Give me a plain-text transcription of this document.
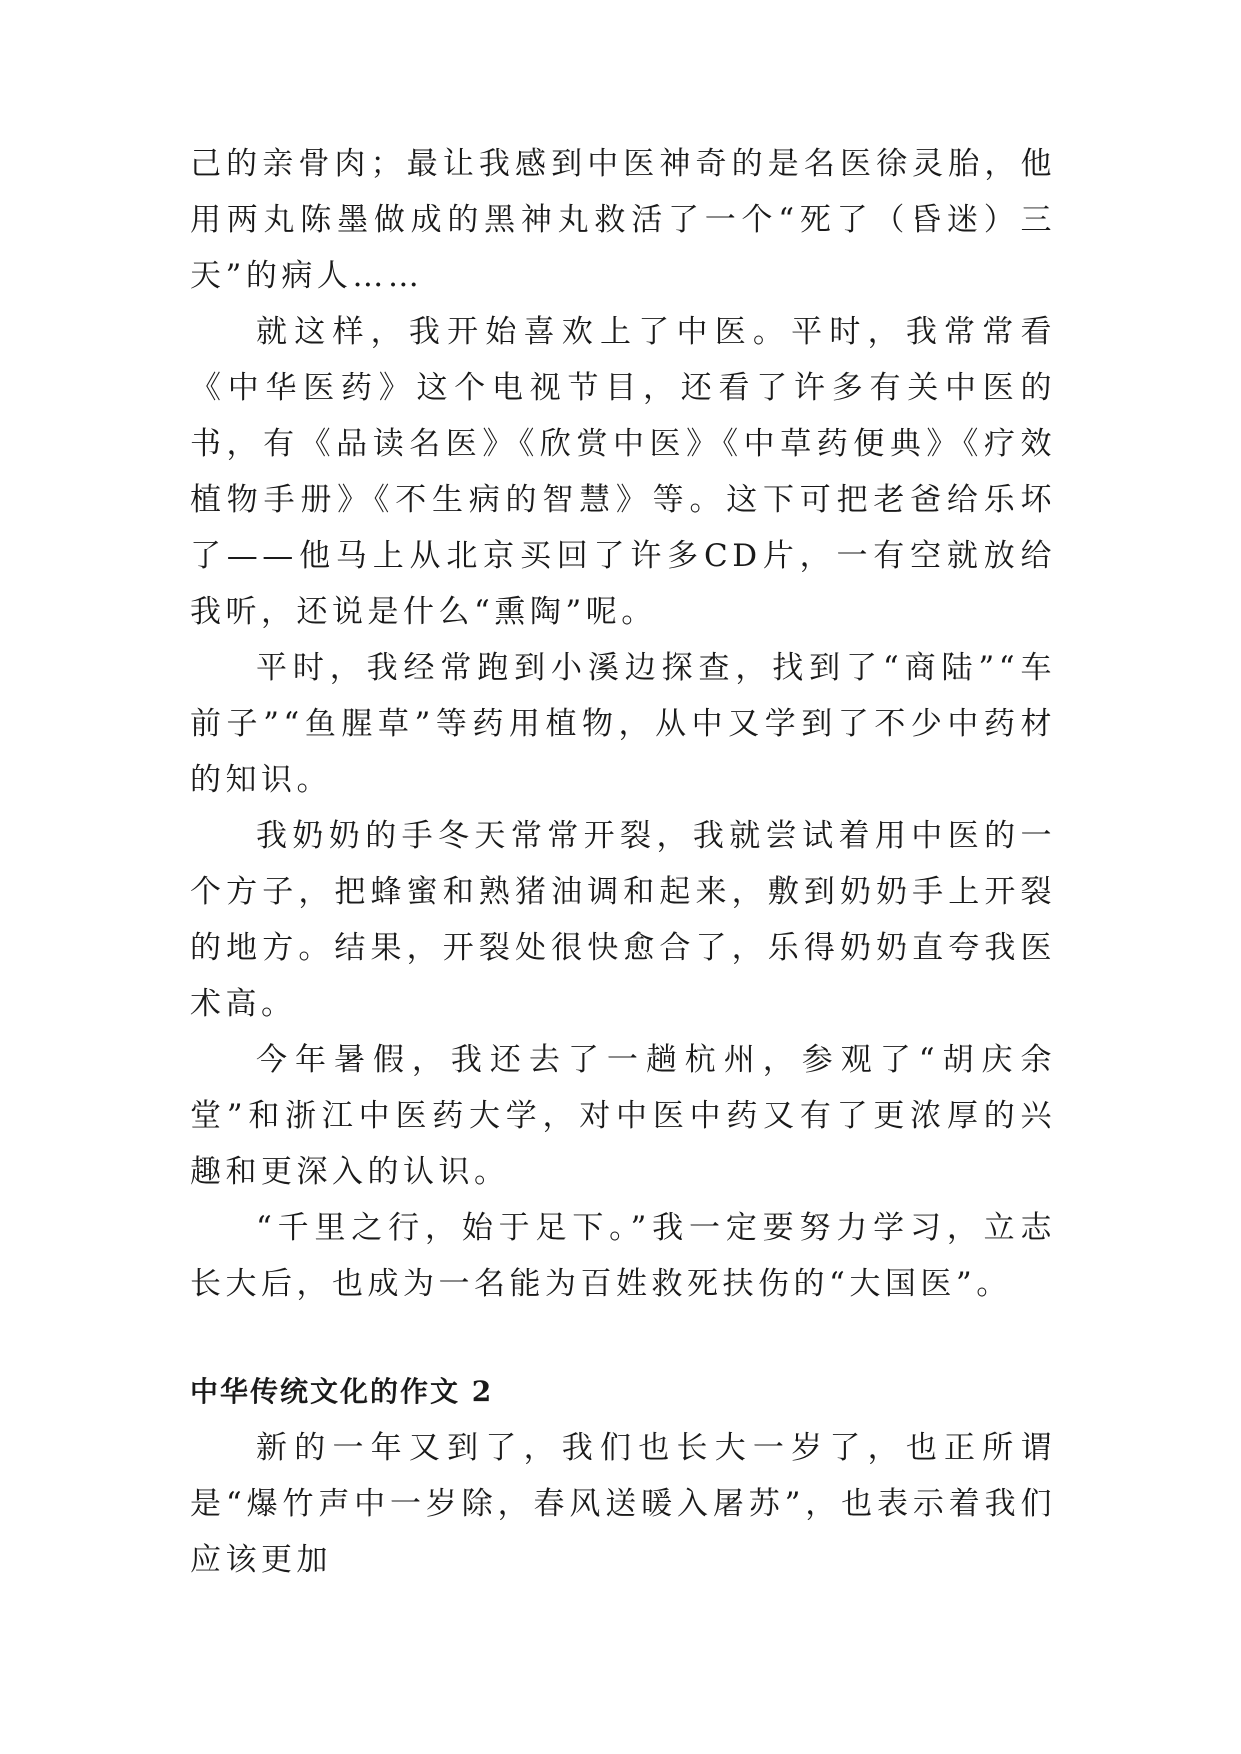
己的亲骨肉；最让我感到中医神奇的是名医徐灵胎，他用两丸陈墨做成的黑神丸救活了一个“死了（昏迷）三天”的病人……

就这样，我开始喜欢上了中医。平时，我常常看《中华医药》这个电视节目，还看了许多有关中医的书，有《品读名医》《欣赏中医》《中草药便典》《疗效植物手册》《不生病的智慧》等。这下可把老爸给乐坏了——他马上从北京买回了许多CD片，一有空就放给我听，还说是什么“熏陶”呢。

平时，我经常跑到小溪边探查，找到了“商陆”“车前子”“鱼腥草”等药用植物，从中又学到了不少中药材的知识。

我奶奶的手冬天常常开裂，我就尝试着用中医的一个方子，把蜂蜜和熟猪油调和起来，敷到奶奶手上开裂的地方。结果，开裂处很快愈合了，乐得奶奶直夸我医术高。

今年暑假，我还去了一趟杭州，参观了“胡庆余堂”和浙江中医药大学，对中医中药又有了更浓厚的兴趣和更深入的认识。

“千里之行，始于足下。”我一定要努力学习，立志长大后，也成为一名能为百姓救死扶伤的“大国医”。

中华传统文化的作文 2

新的一年又到了，我们也长大一岁了，也正所谓是“爆竹声中一岁除，春风送暖入屠苏”，也表示着我们应该更加
